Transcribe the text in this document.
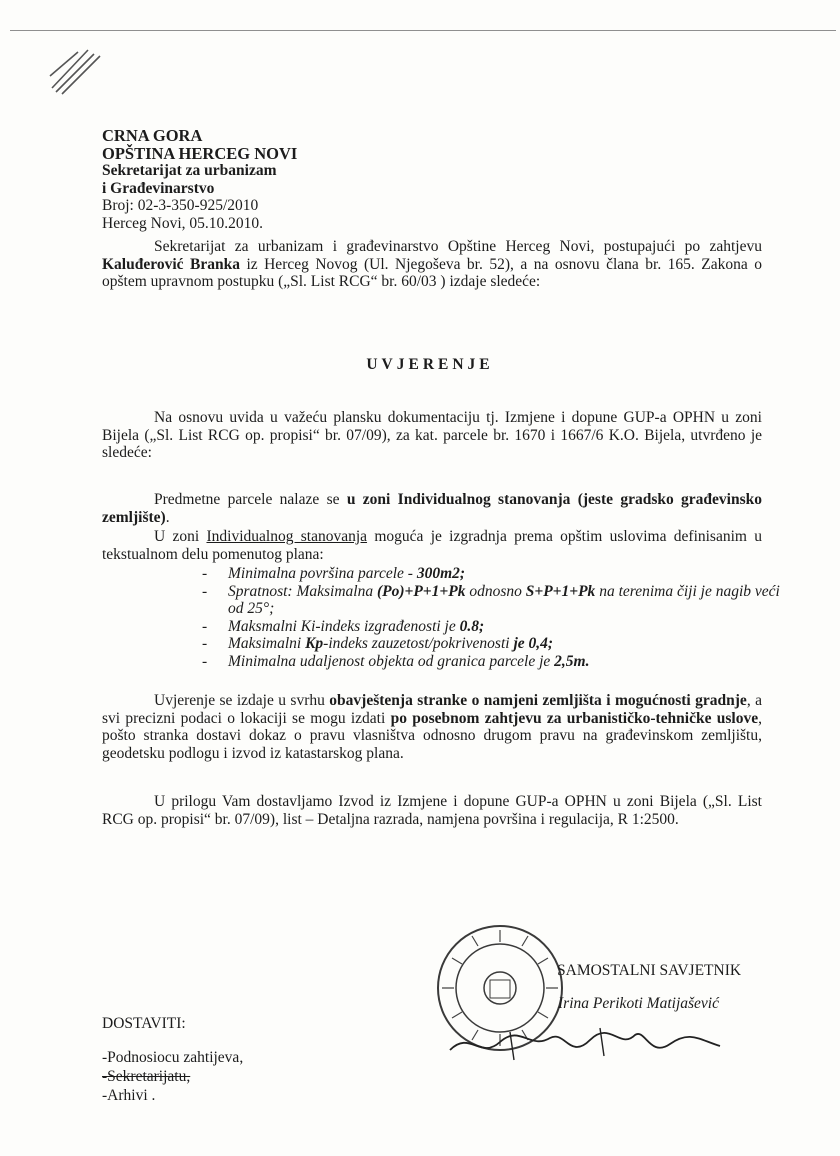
CRNA GORA
OPŠTINA HERCEG NOVI
Sekretarijat za urbanizam
i Građevinarstvo
Broj: 02-3-350-925/2010
Herceg Novi, 05.10.2010.
Sekretarijat za urbanizam i građevinarstvo Opštine Herceg Novi, postupajući po zahtjevu Kaluđerović Branka iz Herceg Novog (Ul. Njegoševa br. 52), a na osnovu člana br. 165. Zakona o opštem upravnom postupku („Sl. List RCG“ br. 60/03 ) izdaje sledeće:
UVJERENJE
Na osnovu uvida u važeću plansku dokumentaciju tj. Izmjene i dopune GUP-a OPHN u zoni Bijela („Sl. List RCG op. propisi“ br. 07/09), za kat. parcele br. 1670 i 1667/6 K.O. Bijela, utvrđeno je sledeće:
Predmetne parcele nalaze se u zoni Individualnog stanovanja (jeste gradsko građevinsko zemljište).
U zoni Individualnog stanovanja moguća je izgradnja prema opštim uslovima definisanim u tekstualnom delu pomenutog plana:
- Minimalna površina parcele - 300m2;
- Spratnost: Maksimalna (Po)+P+1+Pk odnosno S+P+1+Pk na terenima čiji je nagib veći od 25°;
- Maksmalni Ki-indeks izgrađenosti je 0.8;
- Maksimalni Kp-indeks zauzetost/pokrivenosti je 0,4;
- Minimalna udaljenost objekta od granica parcele je 2,5m.
Uvjerenje se izdaje u svrhu obavještenja stranke o namjeni zemljišta i mogućnosti gradnje, a svi precizni podaci o lokaciji se mogu izdati po posebnom zahtjevu za urbanističko-tehničke uslove, pošto stranka dostavi dokaz o pravu vlasništva odnosno drugom pravu na građevinskom zemljištu, geodetsku podlogu i izvod iz katastarskog plana.
U prilogu Vam dostavljamo Izvod iz Izmjene i dopune GUP-a OPHN u zoni Bijela („Sl. List RCG op. propisi“ br. 07/09), list – Detaljna razrada, namjena površina i regulacija, R 1:2500.
SAMOSTALNI SAVJETNIK
Irina Perikoti Matijašević
DOSTAVITI:
-Podnosiocu zahtijeva,
-Sekretarijatu,
-Arhivi .
